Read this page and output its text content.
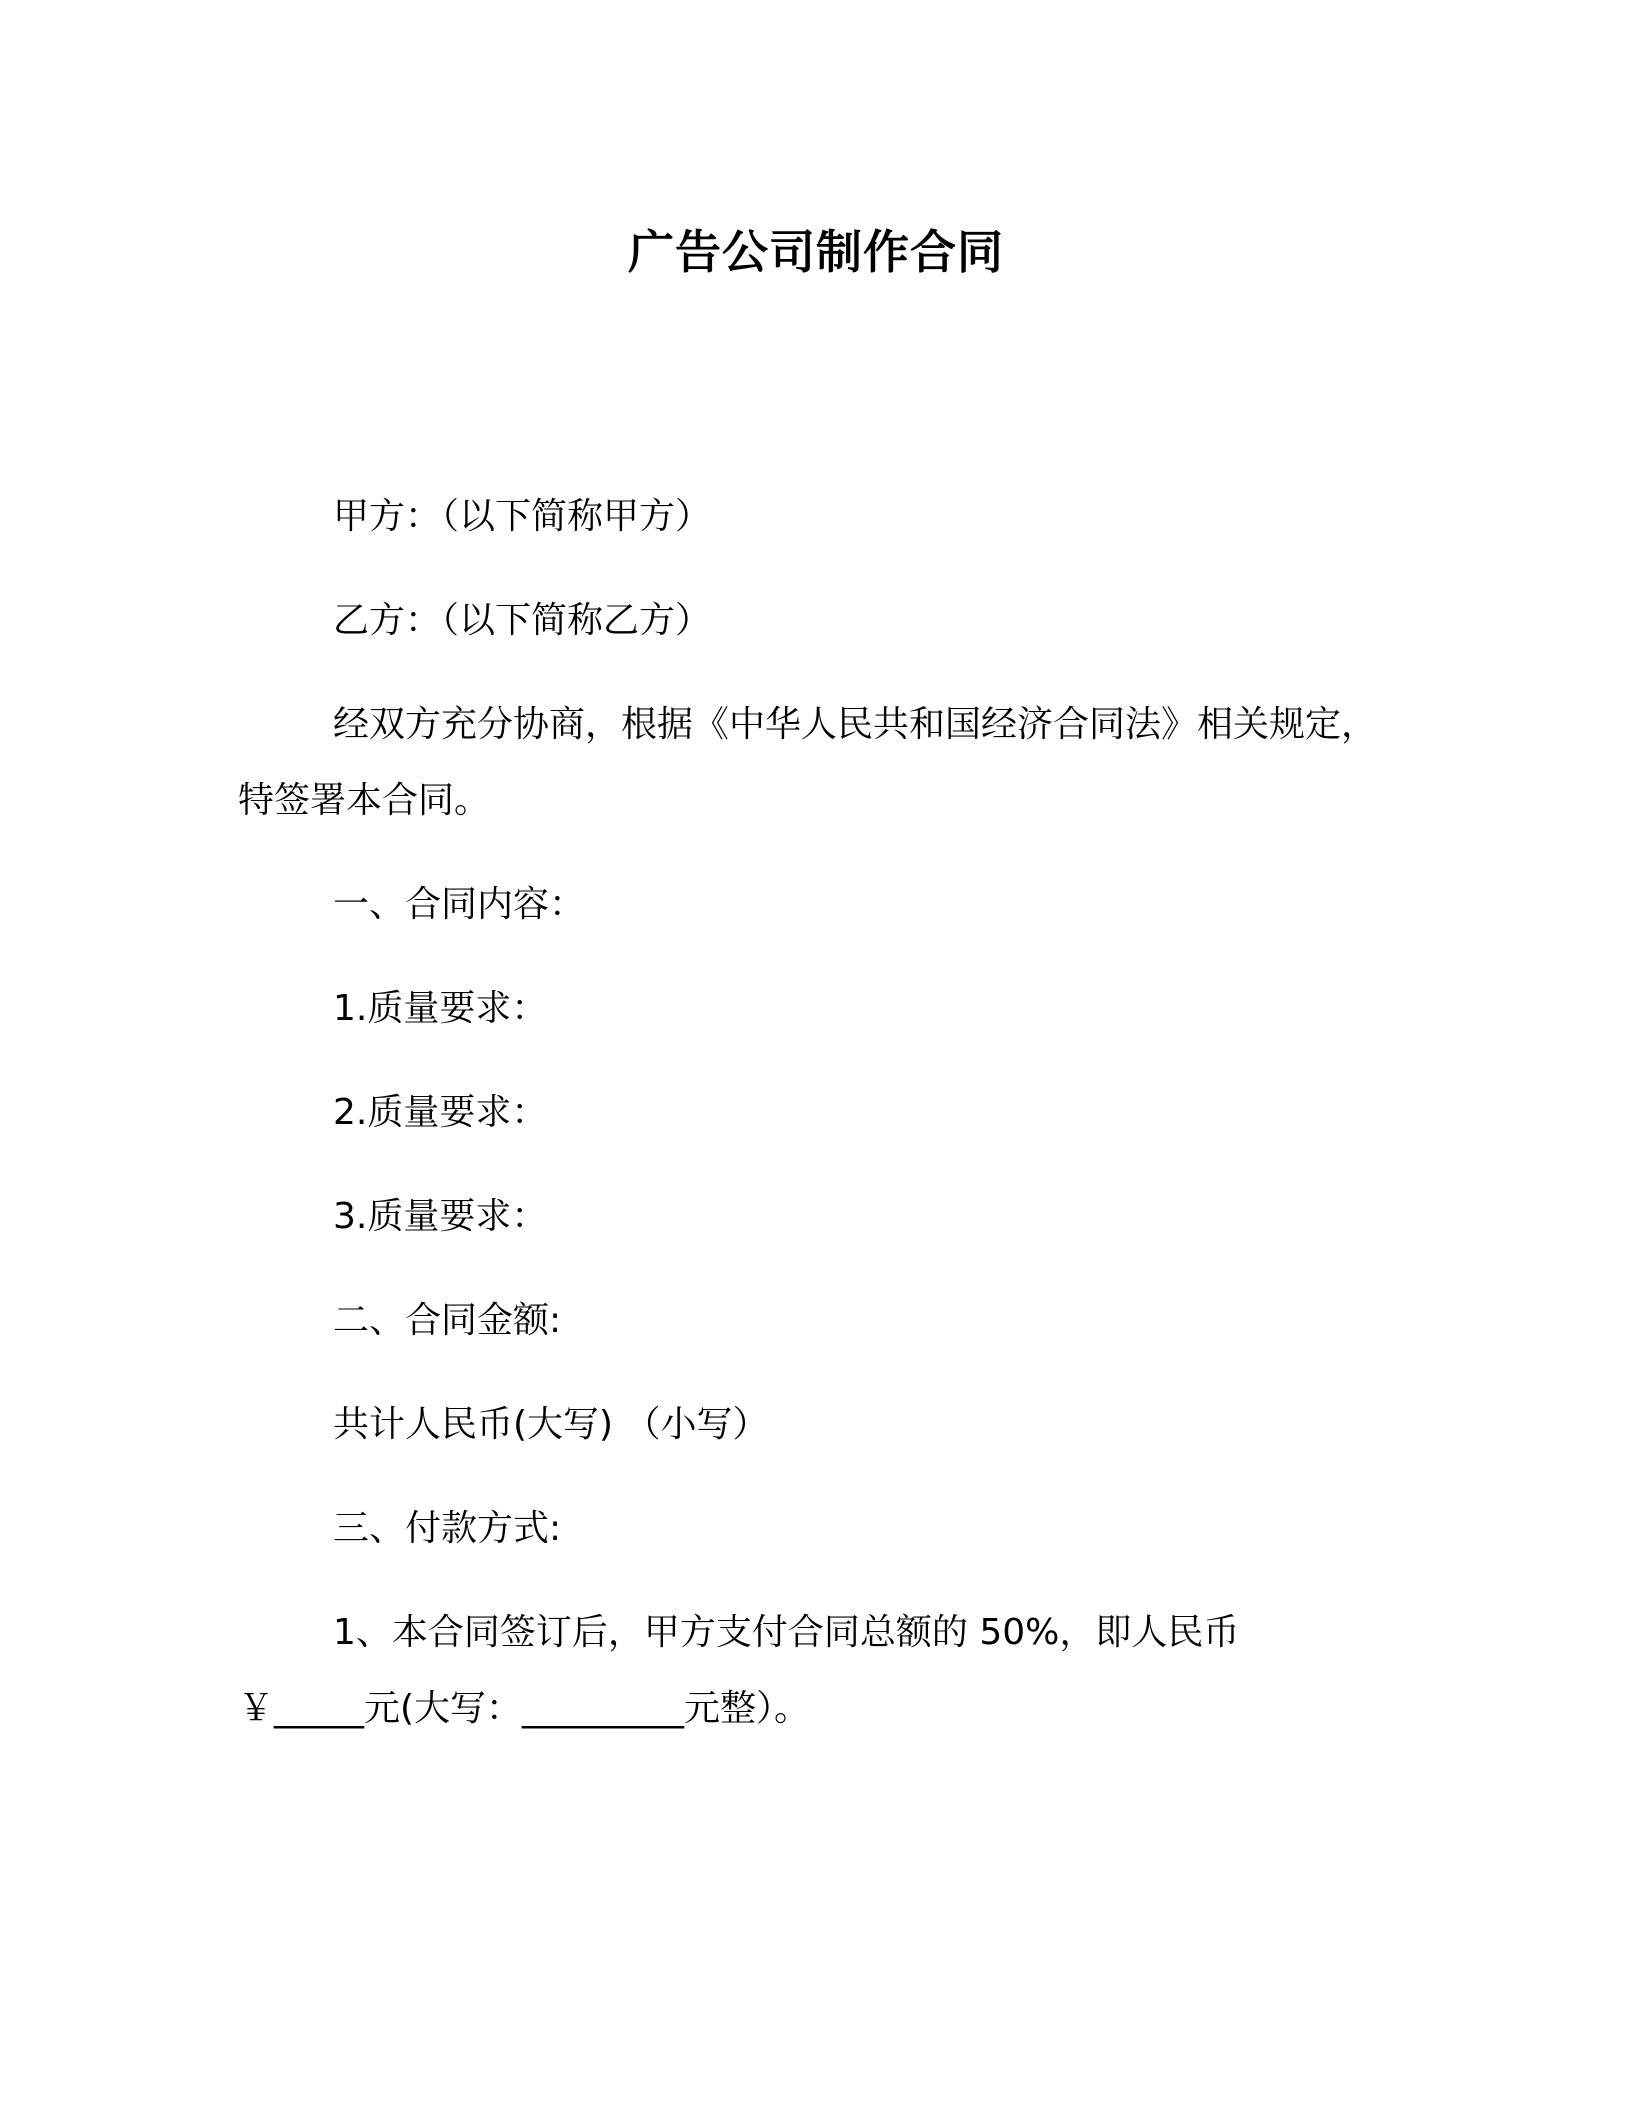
广告公司制作合同
甲方：（以下简称甲方）
乙方：（以下简称乙方）
经双方充分协商，根据《中华人民共和国经济合同法》相关规定，
特签署本合同。
一、合同内容：
1.质量要求：
2.质量要求：
3.质量要求：
二、合同金额:
共计人民币(大写) （小写）
三、付款方式:
1、本合同签订后，甲方支付合同总额的 50%，即人民币
￥_____元(大写：_________元整）。
